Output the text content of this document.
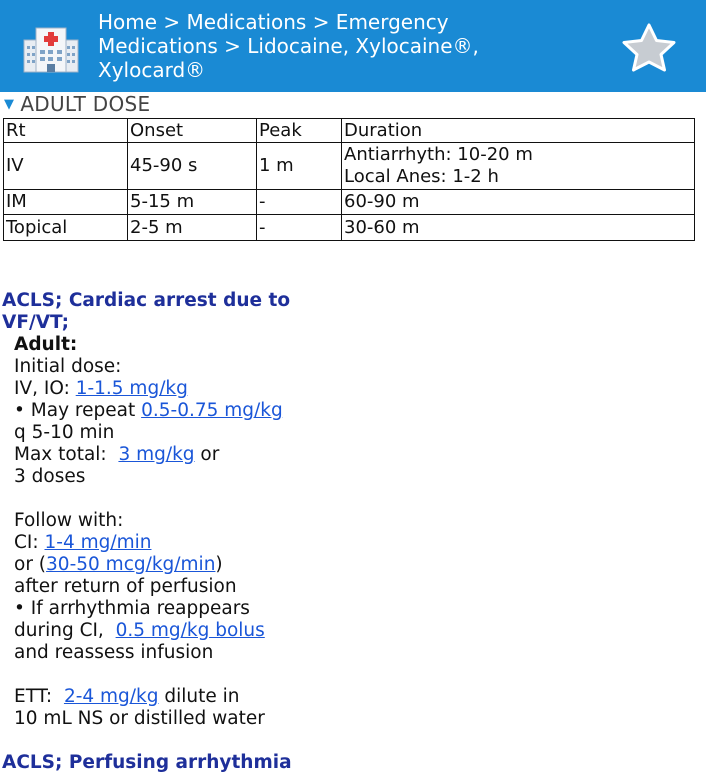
Home > Medications > Emergency Medications > Lidocaine, Xylocaine®, Xylocard®
▼ ADULT DOSE
Rt	Onset	Peak	Duration
IV	45-90 s	1 m	Antiarrhyth: 10-20 m
Local Anes: 1-2 h

IM	5-15 m	-	60-90 m
Topical	2-5 m	-	30-60 m
ACLS; Cardiac arrest due to VF/VT;
Adult:
Initial dose:
IV, IO: 1-1.5 mg/kg
• May repeat 0.5-0.75 mg/kg
q 5-10 min
Max total:  3 mg/kg or
3 doses
Follow with:
CI: 1-4 mg/min
or (30-50 mcg/kg/min)
after return of perfusion
• If arrhythmia reappears
during CI,  0.5 mg/kg bolus
and reassess infusion
ETT:  2-4 mg/kg dilute in
10 mL NS or distilled water
ACLS; Perfusing arrhythmia
